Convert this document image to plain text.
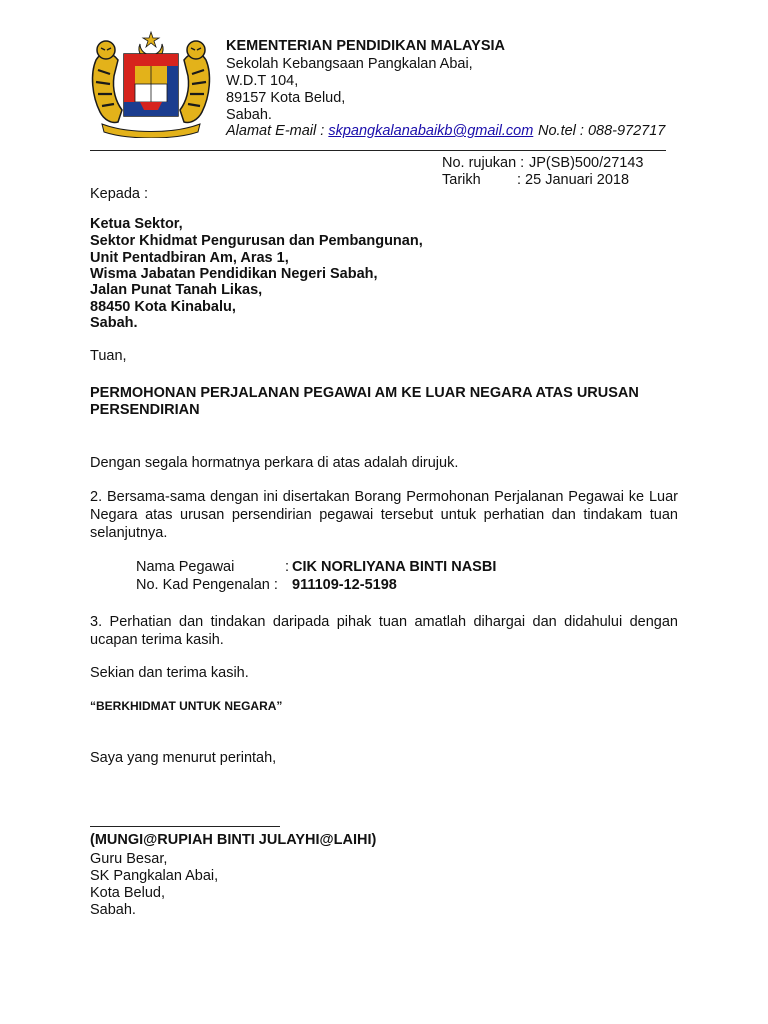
KEMENTERIAN PENDIDIKAN MALAYSIA
Sekolah Kebangsaan Pangkalan Abai,
W.D.T 104,
89157 Kota Belud,
Sabah.
Alamat E-mail : skpangkalanabaikb@gmail.com No.tel : 088-972717
No. rujukan : JP(SB)500/27143
Tarikh	: 25 Januari 2018
Kepada :
Ketua Sektor,
Sektor Khidmat Pengurusan dan Pembangunan,
Unit Pentadbiran Am, Aras 1,
Wisma Jabatan Pendidikan Negeri Sabah,
Jalan Punat Tanah Likas,
88450 Kota Kinabalu,
Sabah.
Tuan,
PERMOHONAN PERJALANAN PEGAWAI AM KE LUAR NEGARA ATAS URUSAN
PERSENDIRIAN
Dengan segala hormatnya perkara di atas adalah dirujuk.
2. Bersama-sama dengan ini disertakan Borang Permohonan Perjalanan Pegawai ke Luar Negara atas urusan persendirian pegawai tersebut untuk perhatian dan tindakam tuan selanjutnya.
Nama Pegawai	: CIK NORLIYANA BINTI NASBI
No. Kad Pengenalan : 911109-12-5198
3. Perhatian dan tindakan daripada pihak tuan amatlah dihargai dan didahului dengan ucapan terima kasih.
Sekian dan terima kasih.
“BERKHIDMAT UNTUK NEGARA”
Saya yang menurut perintah,
(MUNGI@RUPIAH BINTI JULAYHI@LAIHI)
Guru Besar,
SK Pangkalan Abai,
Kota Belud,
Sabah.
